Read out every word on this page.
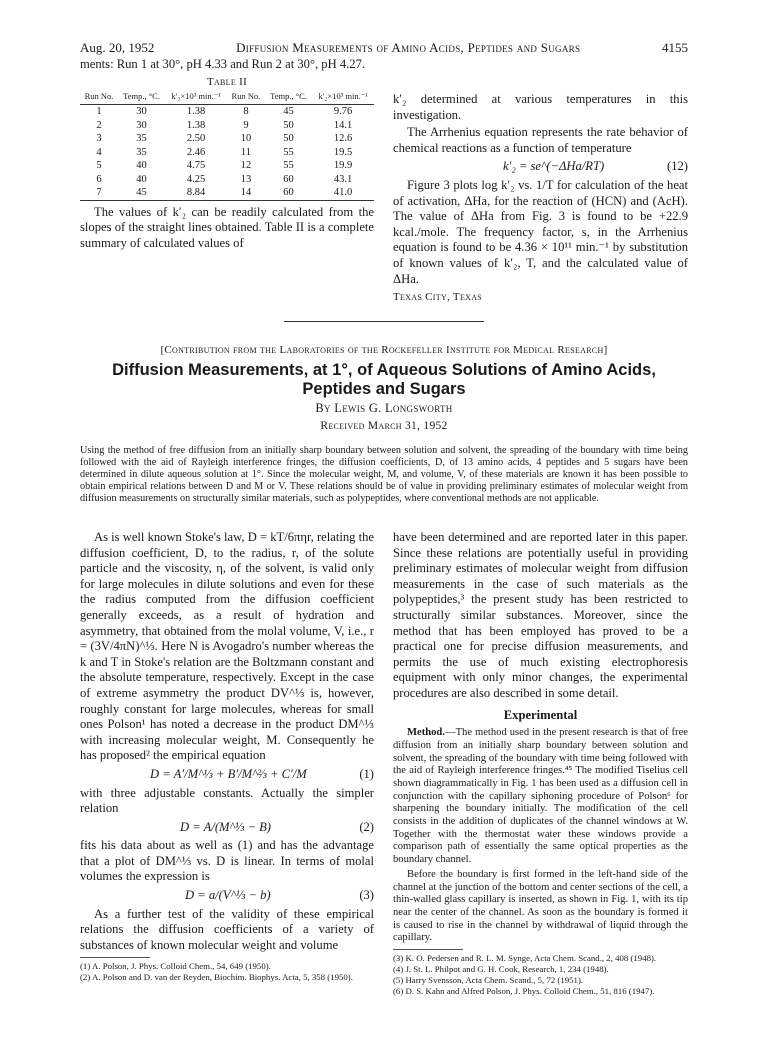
Aug. 20, 1952	Diffusion Measurements of Amino Acids, Peptides and Sugars	4155

ments: Run 1 at 30°, pH 4.33 and Run 2 at 30°, pH 4.27.

Table II
Run No.	Temp., °C.	k′₂×10³ min.⁻¹	Run No.	Temp., °C.	k′₂×10³ min.⁻¹
1	30	1.38	8	45	9.76
2	30	1.38	9	50	14.1
3	35	2.50	10	50	12.6
4	35	2.46	11	55	19.5
5	40	4.75	12	55	19.9
6	40	4.25	13	60	43.1
7	45	8.84	14	60	41.0

The values of k′₂ can be readily calculated from the slopes of the straight lines obtained. Table II is a complete summary of calculated values of

k′₂ determined at various temperatures in this investigation.

The Arrhenius equation represents the rate behavior of chemical reactions as a function of temperature

k′₂ = se^(−ΔHa/RT)	(12)

Figure 3 plots log k′₂ vs. 1/T for calculation of the heat of activation, ΔHa, for the reaction of (HCN) and (AcH). The value of ΔHa from Fig. 3 is found to be +22.9 kcal./mole. The frequency factor, s, in the Arrhenius equation is found to be 4.36 × 10¹¹ min.⁻¹ by substitution of known values of k′₂, T, and the calculated value of ΔHa.

Texas City, Texas

[Contribution from the Laboratories of the Rockefeller Institute for Medical Research]
Diffusion Measurements, at 1°, of Aqueous Solutions of Amino Acids, Peptides and Sugars
By Lewis G. Longsworth
Received March 31, 1952
Using the method of free diffusion from an initially sharp boundary between solution and solvent, the spreading of the boundary with time being followed with the aid of Rayleigh interference fringes, the diffusion coefficients, D, of 13 amino acids, 4 peptides and 5 sugars have been determined in dilute aqueous solution at 1°. Since the molecular weight, M, and volume, V, of these materials are known it has been possible to obtain empirical relations between D and M or V. These relations should be of value in providing preliminary estimates of molecular weight from diffusion measurements on structurally similar materials, such as polypeptides, where conventional methods are not applicable.

As is well known Stoke's law, D = kT/6πηr, relating the diffusion coefficient, D, to the radius, r, of the solute particle and the viscosity, η, of the solvent, is valid only for large molecules in dilute solutions and even for these the radius computed from the diffusion coefficient generally exceeds, as a result of hydration and asymmetry, that obtained from the molal volume, V, i.e., r = (3V/4πN)^⅓. Here N is Avogadro's number whereas the k and T in Stoke's relation are the Boltzmann constant and the absolute temperature, respectively. Except in the case of extreme asymmetry the product DV^⅓ is, however, roughly constant for large molecules, whereas for small ones Polson¹ has noted a decrease in the product DM^⅓ with increasing molecular weight, M. Consequently he has proposed² the empirical equation

D = A′/M^⅓ + B′/M^⅔ + C′/M	(1)

with three adjustable constants. Actually the simpler relation

D = A/(M^⅓ − B)	(2)

fits his data about as well as (1) and has the advantage that a plot of DM^⅓ vs. D is linear. In terms of molal volumes the expression is

D = a/(V^⅓ − b)	(3)

As a further test of the validity of these empirical relations the diffusion coefficients of a variety of substances of known molecular weight and volume

(1) A. Polson, J. Phys. Colloid Chem., 54, 649 (1950).
(2) A. Polson and D. van der Reyden, Biochim. Biophys. Acta, 5, 358 (1950).

have been determined and are reported later in this paper. Since these relations are potentially useful in providing preliminary estimates of molecular weight from diffusion measurements in the case of such materials as the polypeptides,³ the present study has been restricted to structurally similar substances. Moreover, since the method that has been employed has proved to be a practical one for precise diffusion measurements, and permits the use of much existing electrophoresis equipment with only minor changes, the experimental procedures are also described in some detail.

Experimental

Method.—The method used in the present research is that of free diffusion from an initially sharp boundary between solution and solvent, the spreading of the boundary with time being followed with the aid of Rayleigh interference fringes.⁴⁵ The modified Tiselius cell shown diagrammatically in Fig. 1 has been used as a diffusion cell in conjunction with the capillary siphoning procedure of Polson⁶ for sharpening the boundary initially. The modification of the cell consists in the addition of duplicates of the channel windows at W. Together with the thermostat water these windows provide a comparison path of essentially the same optical properties as the boundary channel.

Before the boundary is first formed in the left-hand side of the channel at the junction of the bottom and center sections of the cell, a thin-walled glass capillary is inserted, as shown in Fig. 1, with its tip near the center of the channel. As soon as the boundary is formed it is caused to rise in the channel by withdrawal of liquid through the capillary.

(3) K. O. Pedersen and R. L. M. Synge, Acta Chem. Scand., 2, 408 (1948).
(4) J. St. L. Philpot and G. H. Cook, Research, 1, 234 (1948).
(5) Harry Svensson, Acta Chem. Scand., 5, 72 (1951).
(6) D. S. Kahn and Alfred Polson, J. Phys. Colloid Chem., 51, 816 (1947).
